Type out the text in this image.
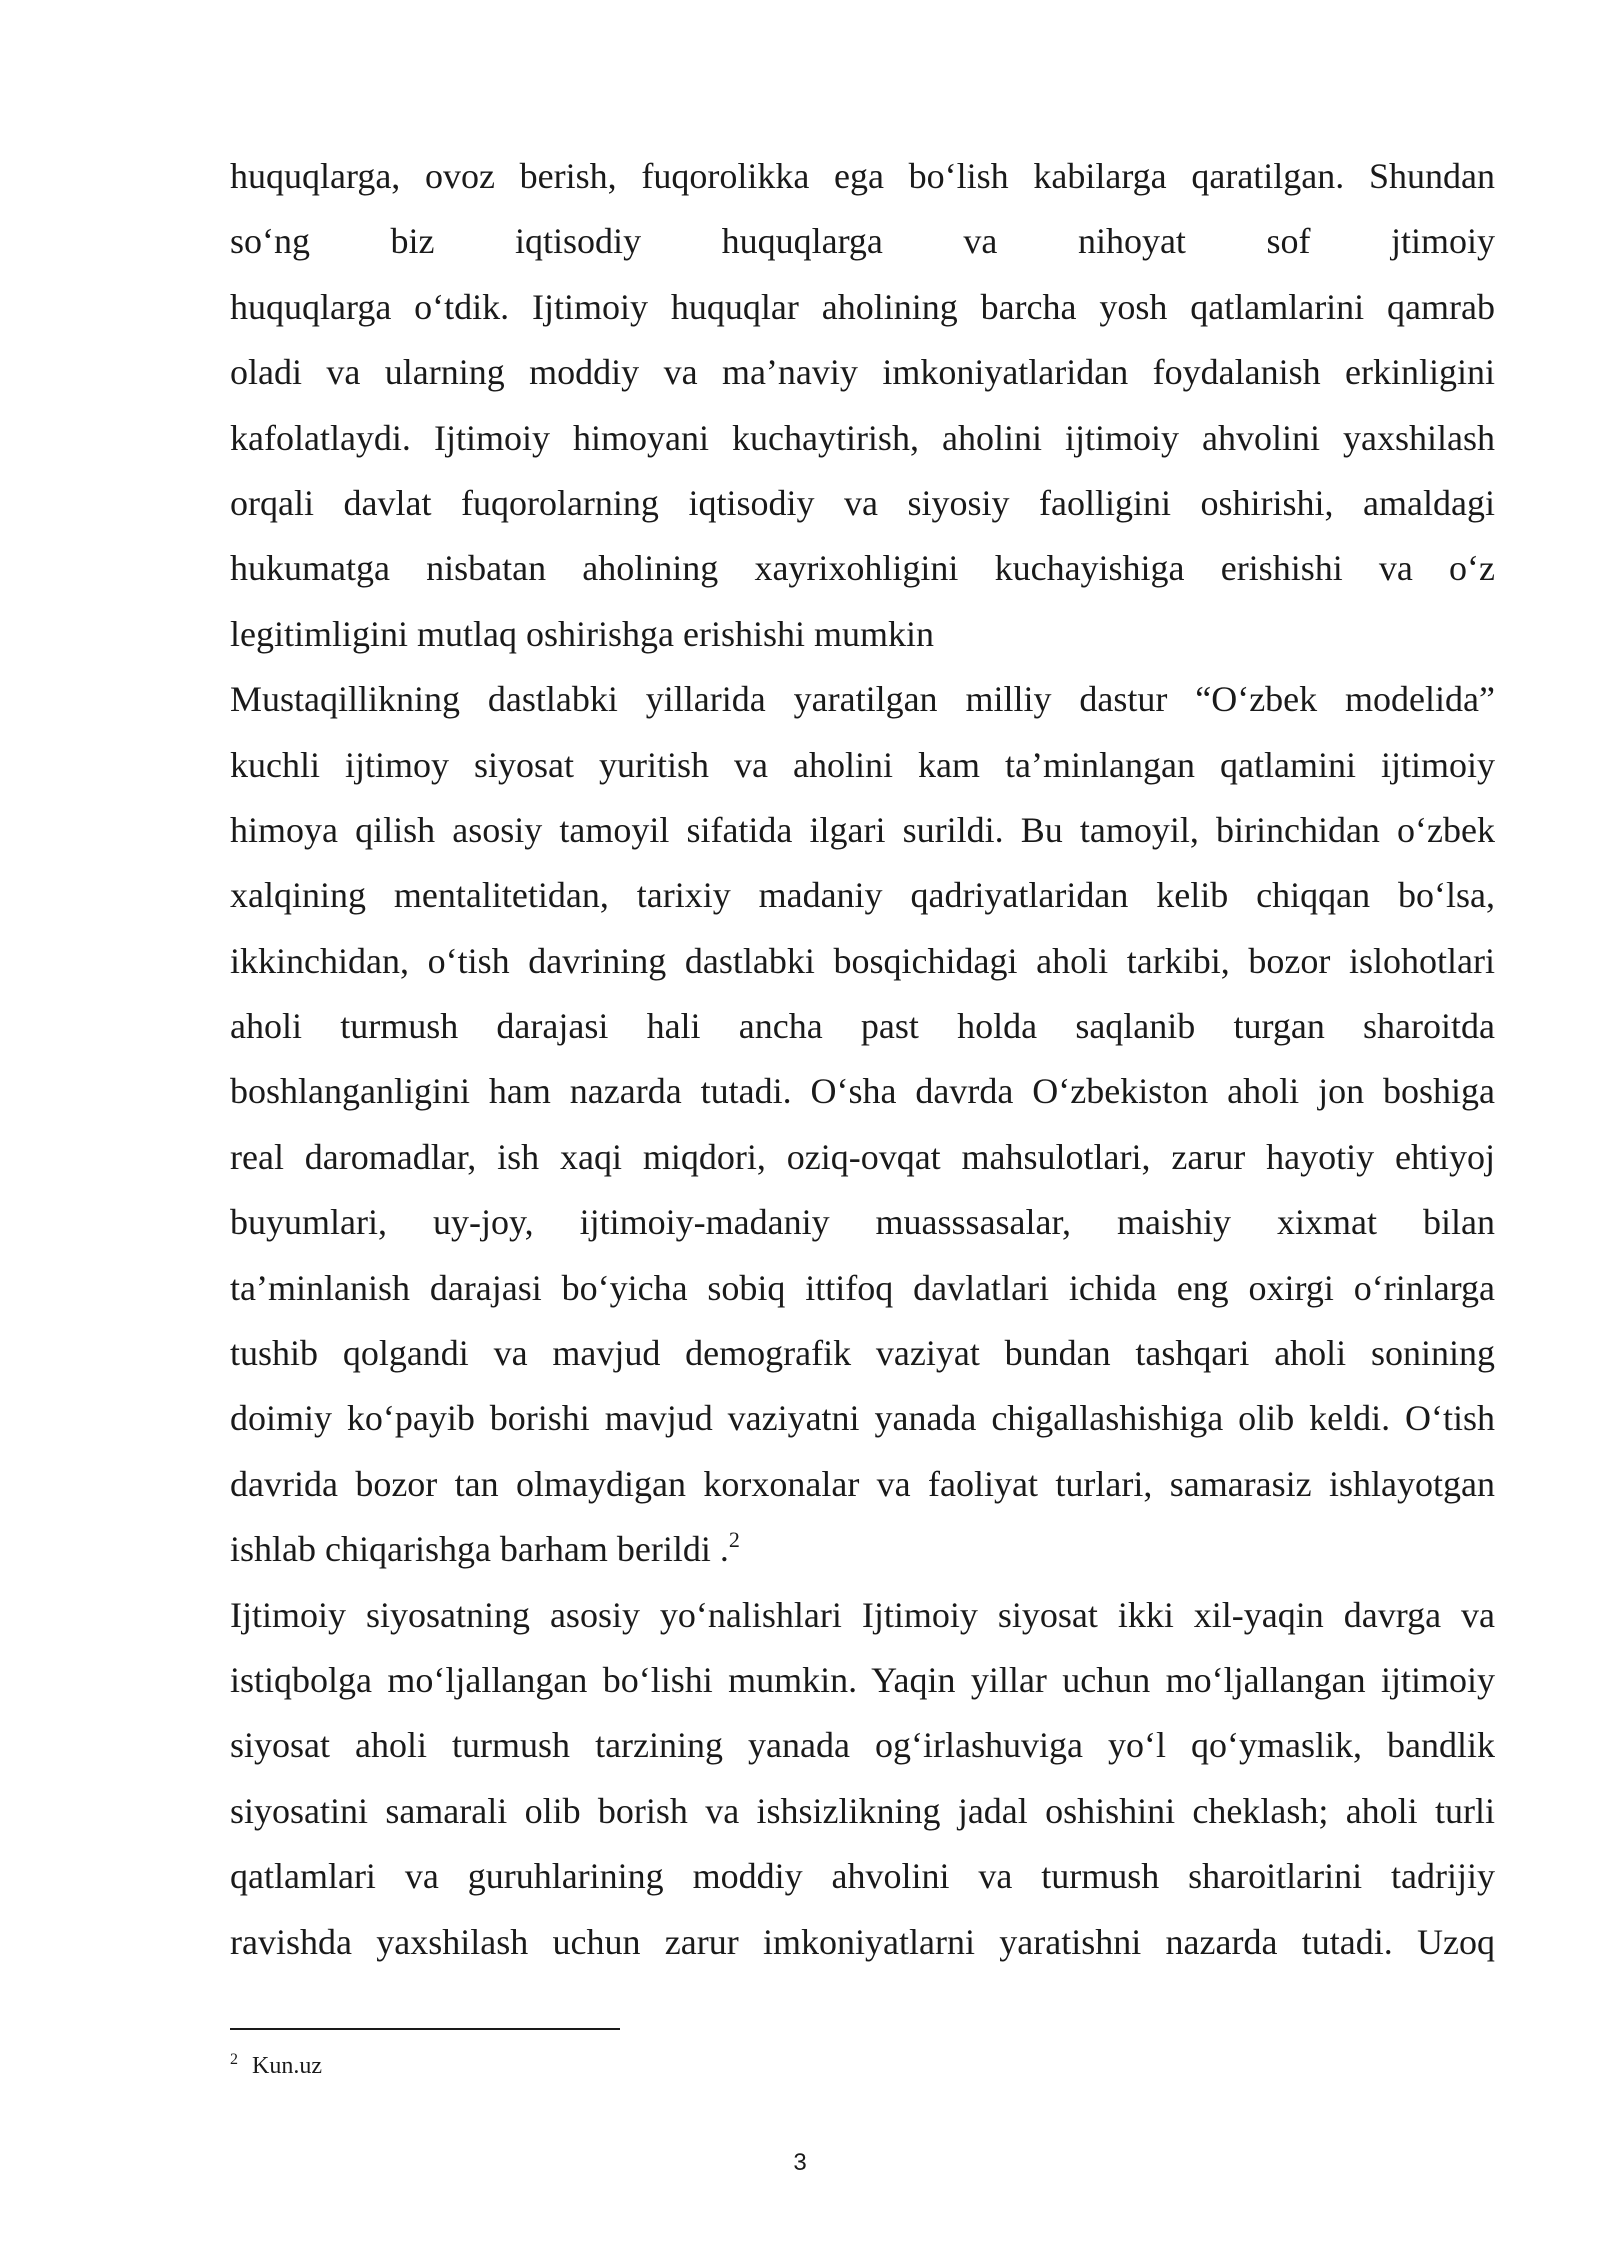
huquqlarga, ovoz berish, fuqorolikka ega bo‘lish kabilarga qaratilgan. Shundan
so‘ng biz iqtisodiy huquqlarga va nihoyat sof jtimoiy
huquqlarga o‘tdik. Ijtimoiy huquqlar aholining barcha yosh qatlamlarini qamrab
oladi va ularning moddiy va ma’naviy imkoniyatlaridan foydalanish erkinligini
kafolatlaydi. Ijtimoiy himoyani kuchaytirish, aholini ijtimoiy ahvolini yaxshilash
orqali davlat fuqorolarning iqtisodiy va siyosiy faolligini oshirishi, amaldagi
hukumatga nisbatan aholining xayrixohligini kuchayishiga erishishi va o‘z
legitimligini mutlaq oshirishga erishishi mumkin
Mustaqillikning dastlabki yillarida yaratilgan milliy dastur “O‘zbek modelida”
kuchli ijtimoy siyosat yuritish va aholini kam ta’minlangan qatlamini ijtimoiy
himoya qilish asosiy tamoyil sifatida ilgari surildi. Bu tamoyil, birinchidan o‘zbek
xalqining mentalitetidan, tarixiy madaniy qadriyatlaridan kelib chiqqan bo‘lsa,
ikkinchidan, o‘tish davrining dastlabki bosqichidagi aholi tarkibi, bozor islohotlari
aholi turmush darajasi hali ancha past holda saqlanib turgan sharoitda
boshlanganligini ham nazarda tutadi. O‘sha davrda O‘zbekiston aholi jon boshiga
real daromadlar, ish xaqi miqdori, oziq-ovqat mahsulotlari, zarur hayotiy ehtiyoj
buyumlari, uy-joy, ijtimoiy-madaniy muasssasalar, maishiy xixmat bilan
ta’minlanish darajasi bo‘yicha sobiq ittifoq davlatlari ichida eng oxirgi o‘rinlarga
tushib qolgandi va mavjud demografik vaziyat bundan tashqari aholi sonining
doimiy ko‘payib borishi mavjud vaziyatni yanada chigallashishiga olib keldi. O‘tish
davrida bozor tan olmaydigan korxonalar va faoliyat turlari, samarasiz ishlayotgan
ishlab chiqarishga barham berildi .$^2$
Ijtimoiy siyosatning asosiy yo‘nalishlari Ijtimoiy siyosat ikki xil-yaqin davrga va
istiqbolga mo‘ljallangan bo‘lishi mumkin. Yaqin yillar uchun mo‘ljallangan ijtimoiy
siyosat aholi turmush tarzining yanada og‘irlashuviga yo‘l qo‘ymaslik, bandlik
siyosatini samarali olib borish va ishsizlikning jadal oshishini cheklash; aholi turli
qatlamlari va guruhlarining moddiy ahvolini va turmush sharoitlarini tadrijiy
ravishda yaxshilash uchun zarur imkoniyatlarni yaratishni nazarda tutadi. Uzoq
$^2$ Kun.uz
3
